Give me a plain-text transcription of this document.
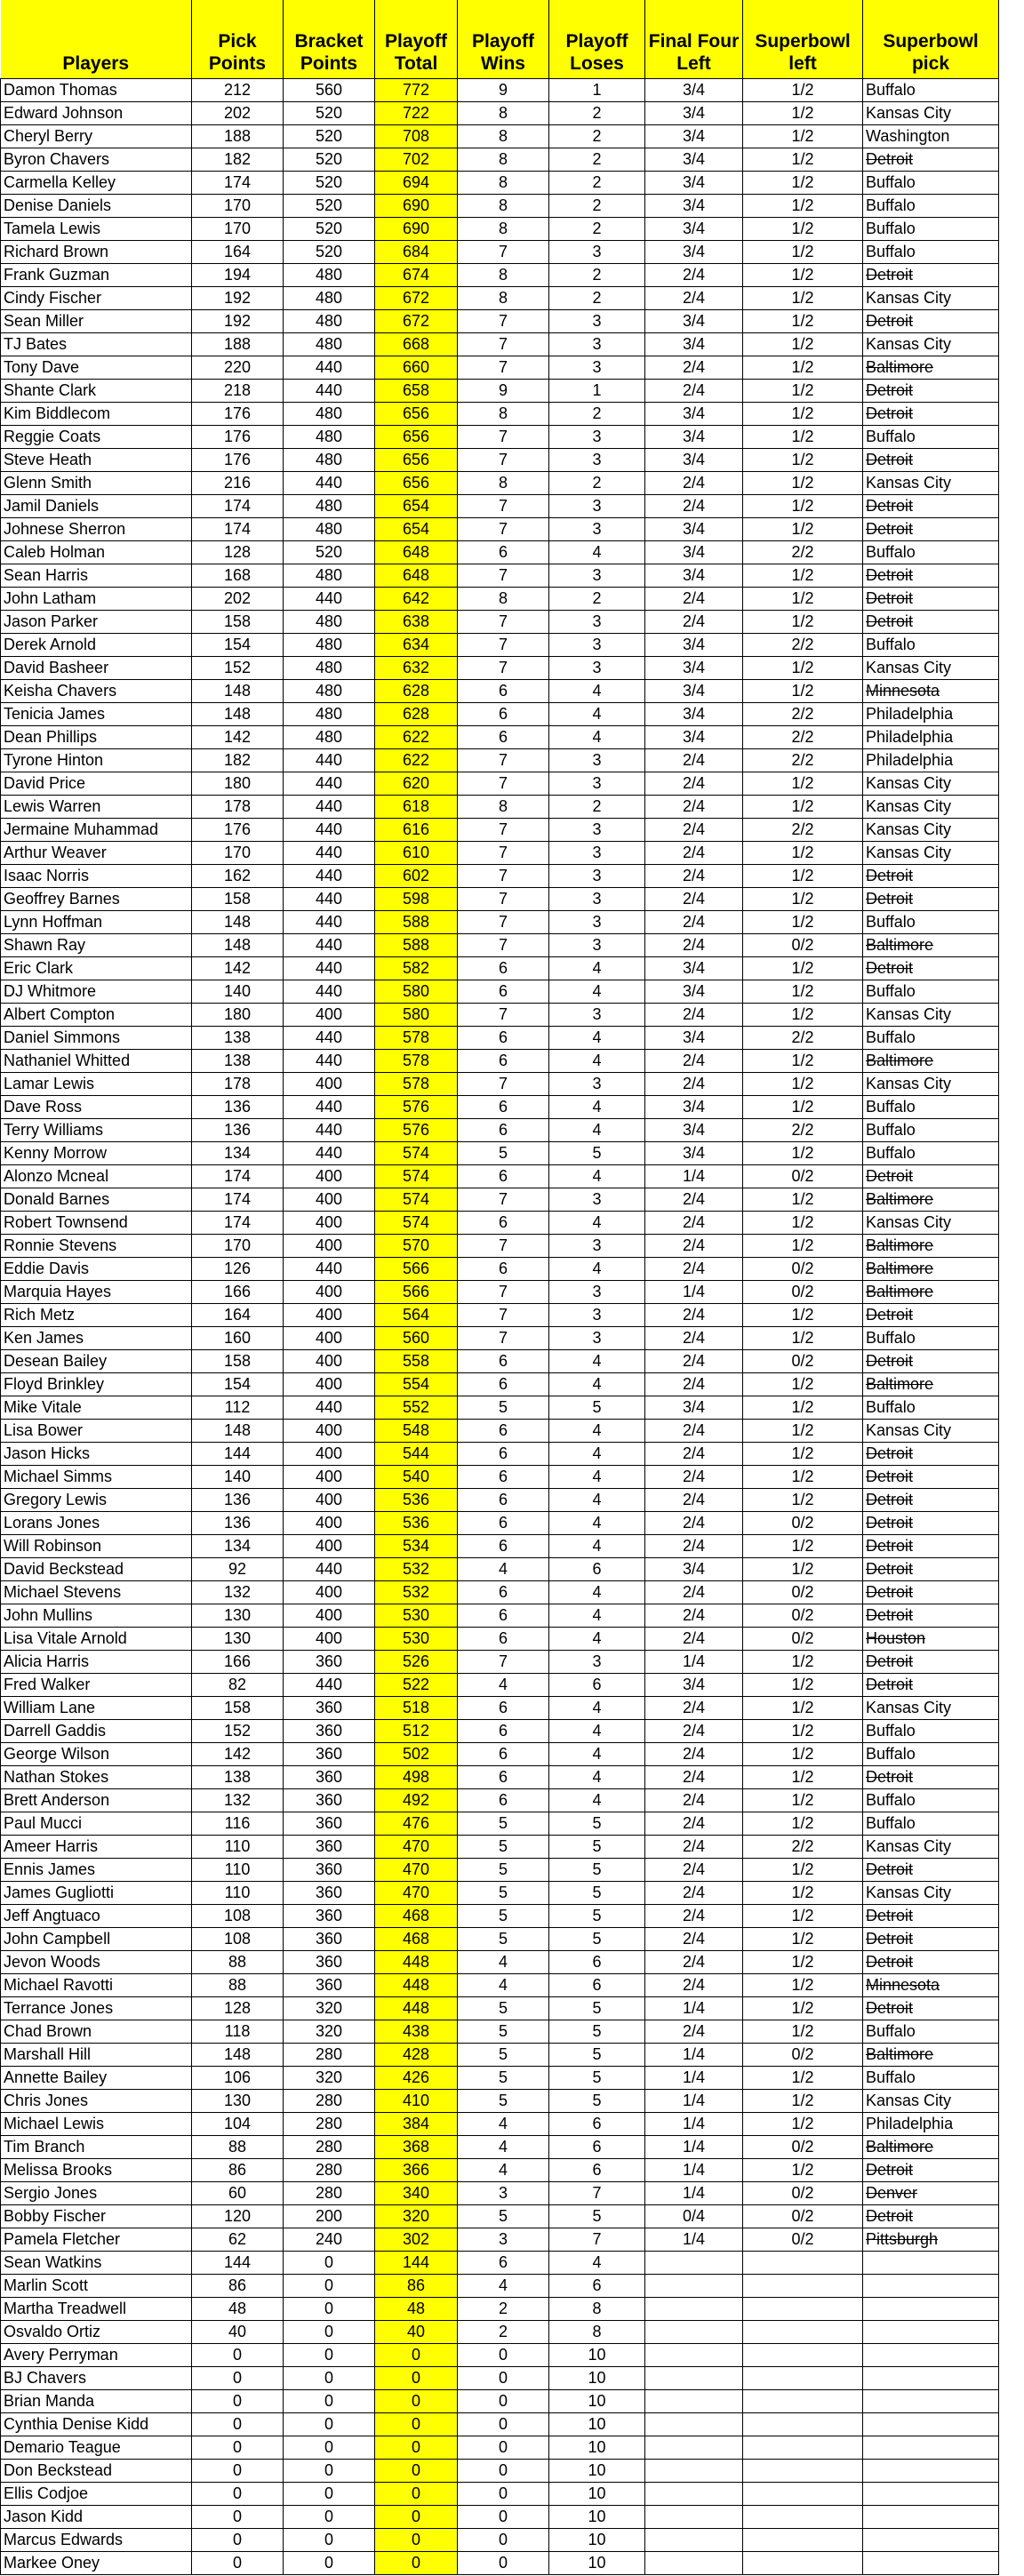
Players	Pick Points	Bracket Points	Playoff Total	Playoff Wins	Playoff Loses	Final Four Left	Superbowl left	Superbowl pick
Damon Thomas	212	560	772	9	1	3/4	1/2	Buffalo
Edward Johnson	202	520	722	8	2	3/4	1/2	Kansas City
Cheryl Berry	188	520	708	8	2	3/4	1/2	Washington
Byron Chavers	182	520	702	8	2	3/4	1/2	Detroit
Carmella Kelley	174	520	694	8	2	3/4	1/2	Buffalo
Denise Daniels	170	520	690	8	2	3/4	1/2	Buffalo
Tamela Lewis	170	520	690	8	2	3/4	1/2	Buffalo
Richard Brown	164	520	684	7	3	3/4	1/2	Buffalo
Frank Guzman	194	480	674	8	2	2/4	1/2	Detroit
Cindy Fischer	192	480	672	8	2	2/4	1/2	Kansas City
Sean Miller	192	480	672	7	3	3/4	1/2	Detroit
TJ Bates	188	480	668	7	3	3/4	1/2	Kansas City
Tony Dave	220	440	660	7	3	2/4	1/2	Baltimore
Shante Clark	218	440	658	9	1	2/4	1/2	Detroit
Kim Biddlecom	176	480	656	8	2	3/4	1/2	Detroit
Reggie Coats	176	480	656	7	3	3/4	1/2	Buffalo
Steve Heath	176	480	656	7	3	3/4	1/2	Detroit
Glenn Smith	216	440	656	8	2	2/4	1/2	Kansas City
Jamil Daniels	174	480	654	7	3	2/4	1/2	Detroit
Johnese Sherron	174	480	654	7	3	3/4	1/2	Detroit
Caleb Holman	128	520	648	6	4	3/4	2/2	Buffalo
Sean Harris	168	480	648	7	3	3/4	1/2	Detroit
John Latham	202	440	642	8	2	2/4	1/2	Detroit
Jason Parker	158	480	638	7	3	2/4	1/2	Detroit
Derek Arnold	154	480	634	7	3	3/4	2/2	Buffalo
David Basheer	152	480	632	7	3	3/4	1/2	Kansas City
Keisha Chavers	148	480	628	6	4	3/4	1/2	Minnesota
Tenicia James	148	480	628	6	4	3/4	2/2	Philadelphia
Dean Phillips	142	480	622	6	4	3/4	2/2	Philadelphia
Tyrone Hinton	182	440	622	7	3	2/4	2/2	Philadelphia
David Price	180	440	620	7	3	2/4	1/2	Kansas City
Lewis Warren	178	440	618	8	2	2/4	1/2	Kansas City
Jermaine Muhammad	176	440	616	7	3	2/4	2/2	Kansas City
Arthur Weaver	170	440	610	7	3	2/4	1/2	Kansas City
Isaac Norris	162	440	602	7	3	2/4	1/2	Detroit
Geoffrey Barnes	158	440	598	7	3	2/4	1/2	Detroit
Lynn Hoffman	148	440	588	7	3	2/4	1/2	Buffalo
Shawn Ray	148	440	588	7	3	2/4	0/2	Baltimore
Eric Clark	142	440	582	6	4	3/4	1/2	Detroit
DJ Whitmore	140	440	580	6	4	3/4	1/2	Buffalo
Albert Compton	180	400	580	7	3	2/4	1/2	Kansas City
Daniel Simmons	138	440	578	6	4	3/4	2/2	Buffalo
Nathaniel Whitted	138	440	578	6	4	2/4	1/2	Baltimore
Lamar Lewis	178	400	578	7	3	2/4	1/2	Kansas City
Dave Ross	136	440	576	6	4	3/4	1/2	Buffalo
Terry Williams	136	440	576	6	4	3/4	2/2	Buffalo
Kenny Morrow	134	440	574	5	5	3/4	1/2	Buffalo
Alonzo Mcneal	174	400	574	6	4	1/4	0/2	Detroit
Donald Barnes	174	400	574	7	3	2/4	1/2	Baltimore
Robert Townsend	174	400	574	6	4	2/4	1/2	Kansas City
Ronnie Stevens	170	400	570	7	3	2/4	1/2	Baltimore
Eddie Davis	126	440	566	6	4	2/4	0/2	Baltimore
Marquia Hayes	166	400	566	7	3	1/4	0/2	Baltimore
Rich Metz	164	400	564	7	3	2/4	1/2	Detroit
Ken James	160	400	560	7	3	2/4	1/2	Buffalo
Desean Bailey	158	400	558	6	4	2/4	0/2	Detroit
Floyd Brinkley	154	400	554	6	4	2/4	1/2	Baltimore
Mike Vitale	112	440	552	5	5	3/4	1/2	Buffalo
Lisa Bower	148	400	548	6	4	2/4	1/2	Kansas City
Jason Hicks	144	400	544	6	4	2/4	1/2	Detroit
Michael Simms	140	400	540	6	4	2/4	1/2	Detroit
Gregory Lewis	136	400	536	6	4	2/4	1/2	Detroit
Lorans Jones	136	400	536	6	4	2/4	0/2	Detroit
Will Robinson	134	400	534	6	4	2/4	1/2	Detroit
David Beckstead	92	440	532	4	6	3/4	1/2	Detroit
Michael Stevens	132	400	532	6	4	2/4	0/2	Detroit
John Mullins	130	400	530	6	4	2/4	0/2	Detroit
Lisa Vitale Arnold	130	400	530	6	4	2/4	0/2	Houston
Alicia Harris	166	360	526	7	3	1/4	1/2	Detroit
Fred Walker	82	440	522	4	6	3/4	1/2	Detroit
William Lane	158	360	518	6	4	2/4	1/2	Kansas City
Darrell Gaddis	152	360	512	6	4	2/4	1/2	Buffalo
George Wilson	142	360	502	6	4	2/4	1/2	Buffalo
Nathan Stokes	138	360	498	6	4	2/4	1/2	Detroit
Brett Anderson	132	360	492	6	4	2/4	1/2	Buffalo
Paul Mucci	116	360	476	5	5	2/4	1/2	Buffalo
Ameer Harris	110	360	470	5	5	2/4	2/2	Kansas City
Ennis James	110	360	470	5	5	2/4	1/2	Detroit
James Gugliotti	110	360	470	5	5	2/4	1/2	Kansas City
Jeff Angtuaco	108	360	468	5	5	2/4	1/2	Detroit
John Campbell	108	360	468	5	5	2/4	1/2	Detroit
Jevon Woods	88	360	448	4	6	2/4	1/2	Detroit
Michael Ravotti	88	360	448	4	6	2/4	1/2	Minnesota
Terrance Jones	128	320	448	5	5	1/4	1/2	Detroit
Chad Brown	118	320	438	5	5	2/4	1/2	Buffalo
Marshall Hill	148	280	428	5	5	1/4	0/2	Baltimore
Annette Bailey	106	320	426	5	5	1/4	1/2	Buffalo
Chris Jones	130	280	410	5	5	1/4	1/2	Kansas City
Michael Lewis	104	280	384	4	6	1/4	1/2	Philadelphia
Tim Branch	88	280	368	4	6	1/4	0/2	Baltimore
Melissa Brooks	86	280	366	4	6	1/4	1/2	Detroit
Sergio Jones	60	280	340	3	7	1/4	0/2	Denver
Bobby Fischer	120	200	320	5	5	0/4	0/2	Detroit
Pamela Fletcher	62	240	302	3	7	1/4	0/2	Pittsburgh
Sean Watkins	144	0	144	6	4			
Marlin Scott	86	0	86	4	6			
Martha Treadwell	48	0	48	2	8			
Osvaldo Ortiz	40	0	40	2	8			
Avery Perryman	0	0	0	0	10			
BJ Chavers	0	0	0	0	10			
Brian Manda	0	0	0	0	10			
Cynthia Denise Kidd	0	0	0	0	10			
Demario Teague	0	0	0	0	10			
Don Beckstead	0	0	0	0	10			
Ellis Codjoe	0	0	0	0	10			
Jason Kidd	0	0	0	0	10			
Marcus Edwards	0	0	0	0	10			
Markee Oney	0	0	0	0	10			
